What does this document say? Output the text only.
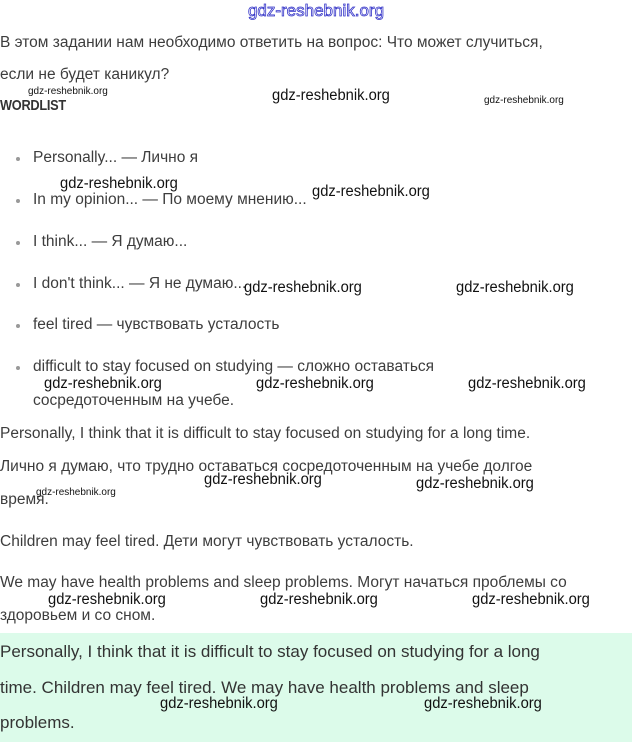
gdz-reshebnik.org
В этом задании нам необходимо ответить на вопрос: Что может случиться,
если не будет каникул?
WORDLIST
Personally... — Лично я
In my opinion... — По моему мнению...
I think... — Я думаю...
I don't think... — Я не думаю...
feel tired — чувствовать усталость
difficult to stay focused on studying — сложно оставаться
сосредоточенным на учебе.
Personally, I think that it is difficult to stay focused on studying for a long time.
Лично я думаю, что трудно оставаться сосредоточенным на учебе долгое
время.
Children may feel tired. Дети могут чувствовать усталость.
We may have health problems and sleep problems. Могут начаться проблемы со
здоровьем и со сном.
Personally, I think that it is difficult to stay focused on studying for a long
time. Children may feel tired. We may have health problems and sleep
problems.
gdz-reshebnik.org	gdz-reshebnik.org	gdz-reshebnik.org
gdz-reshebnik.org	gdz-reshebnik.org
gdz-reshebnik.org	gdz-reshebnik.org
gdz-reshebnik.org	gdz-reshebnik.org	gdz-reshebnik.org
gdz-reshebnik.org
gdz-reshebnik.org	gdz-reshebnik.org
gdz-reshebnik.org	gdz-reshebnik.org	gdz-reshebnik.org
gdz-reshebnik.org	gdz-reshebnik.org
